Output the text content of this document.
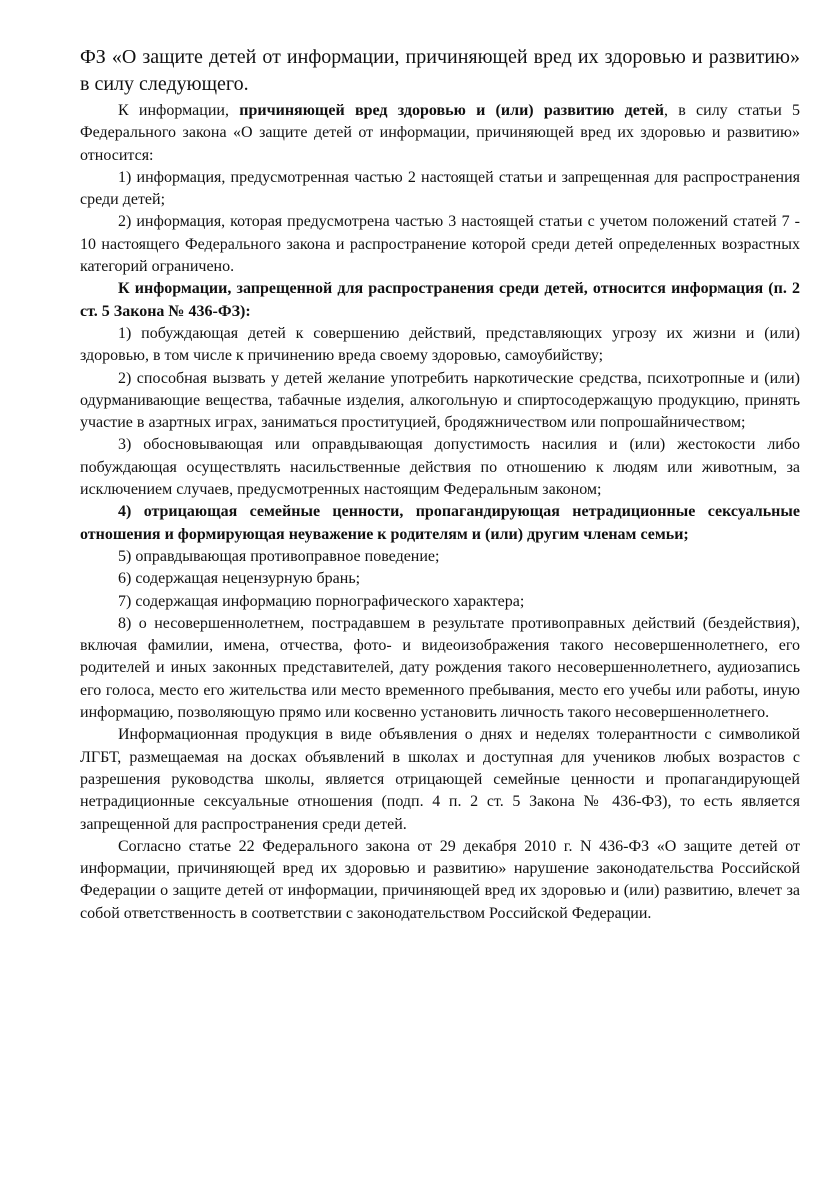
ФЗ «О защите детей от информации, причиняющей вред их здоровью и развитию» в силу следующего.

К информации, причиняющей вред здоровью и (или) развитию детей, в силу статьи 5 Федерального закона «О защите детей от информации, причиняющей вред их здоровью и развитию» относится:

1) информация, предусмотренная частью 2 настоящей статьи и запрещенная для распространения среди детей;

2) информация, которая предусмотрена частью 3 настоящей статьи с учетом положений статей 7 - 10 настоящего Федерального закона и распространение которой среди детей определенных возрастных категорий ограничено.

К информации, запрещенной для распространения среди детей, относится информация (п. 2 ст. 5 Закона № 436-ФЗ):

1) побуждающая детей к совершению действий, представляющих угрозу их жизни и (или) здоровью, в том числе к причинению вреда своему здоровью, самоубийству;

2) способная вызвать у детей желание употребить наркотические средства, психотропные и (или) одурманивающие вещества, табачные изделия, алкогольную и спиртосодержащую продукцию, принять участие в азартных играх, заниматься проституцией, бродяжничеством или попрошайничеством;

3) обосновывающая или оправдывающая допустимость насилия и (или) жестокости либо побуждающая осуществлять насильственные действия по отношению к людям или животным, за исключением случаев, предусмотренных настоящим Федеральным законом;

4) отрицающая семейные ценности, пропагандирующая нетрадиционные сексуальные отношения и формирующая неуважение к родителям и (или) другим членам семьи;

5) оправдывающая противоправное поведение;

6) содержащая нецензурную брань;

7) содержащая информацию порнографического характера;

8) о несовершеннолетнем, пострадавшем в результате противоправных действий (бездействия), включая фамилии, имена, отчества, фото- и видеоизображения такого несовершеннолетнего, его родителей и иных законных представителей, дату рождения такого несовершеннолетнего, аудиозапись его голоса, место его жительства или место временного пребывания, место его учебы или работы, иную информацию, позволяющую прямо или косвенно установить личность такого несовершеннолетнего.

Информационная продукция в виде объявления о днях и неделях толерантности с символикой ЛГБТ, размещаемая на досках объявлений в школах и доступная для учеников любых возрастов с разрешения руководства школы, является отрицающей семейные ценности и пропагандирующей нетрадиционные сексуальные отношения (подп. 4 п. 2 ст. 5 Закона № 436-ФЗ), то есть является запрещенной для распространения среди детей.

Согласно статье 22 Федерального закона от 29 декабря 2010 г. N 436-ФЗ «О защите детей от информации, причиняющей вред их здоровью и развитию» нарушение законодательства Российской Федерации о защите детей от информации, причиняющей вред их здоровью и (или) развитию, влечет за собой ответственность в соответствии с законодательством Российской Федерации.
